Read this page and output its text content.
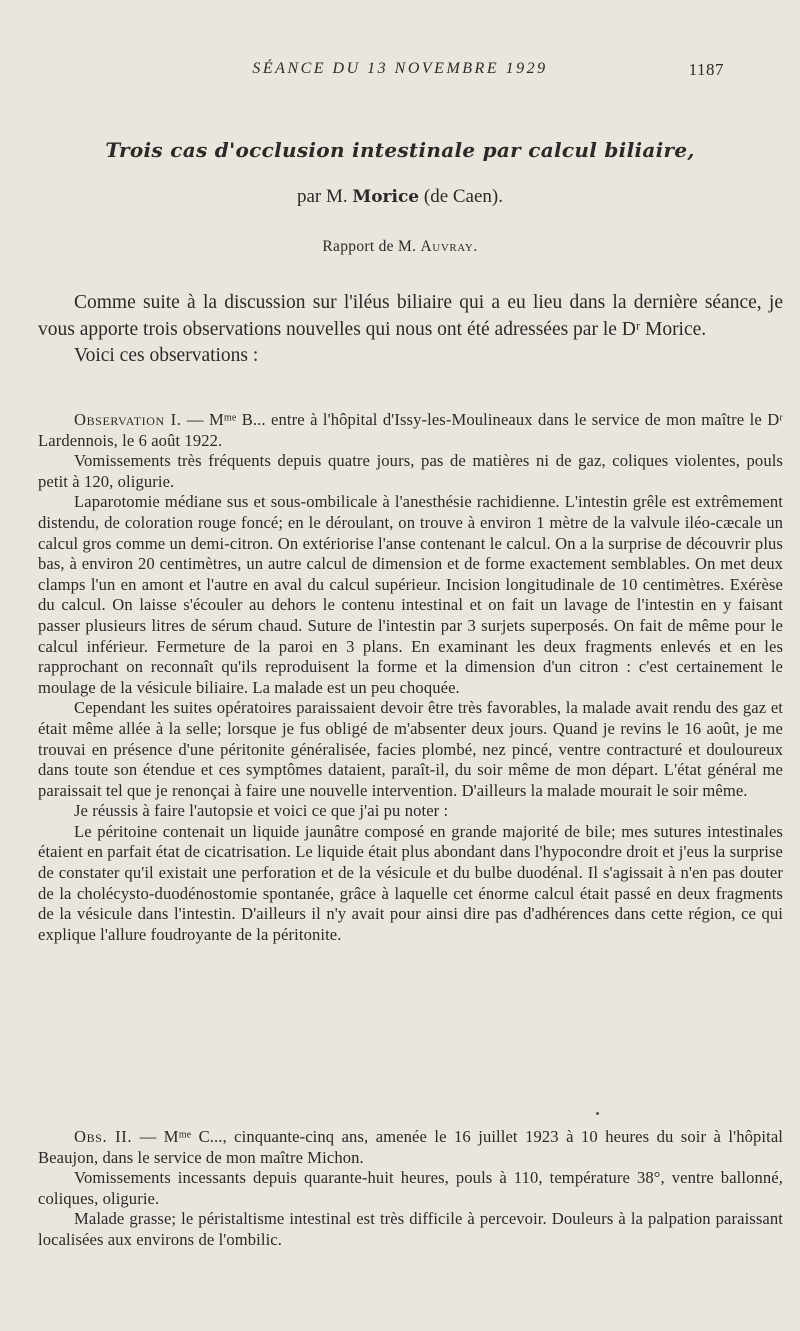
SÉANCE DU 13 NOVEMBRE 1929	1187
Trois cas d'occlusion intestinale par calcul biliaire,
par M. Morice (de Caen).
Rapport de M. Auvray.

Comme suite à la discussion sur l'iléus biliaire qui a eu lieu dans la dernière séance, je vous apporte trois observations nouvelles qui nous ont été adressées par le Dʳ Morice.

Voici ces observations :

Observation I. — Mᵐᵉ B... entre à l'hôpital d'Issy-les-Moulineaux dans le service de mon maître le Dʳ Lardennois, le 6 août 1922.

Vomissements très fréquents depuis quatre jours, pas de matières ni de gaz, coliques violentes, pouls petit à 120, oligurie.

Laparotomie médiane sus et sous-ombilicale à l'anesthésie rachidienne. L'intestin grêle est extrêmement distendu, de coloration rouge foncé; en le déroulant, on trouve à environ 1 mètre de la valvule iléo-cæcale un calcul gros comme un demi-citron. On extériorise l'anse contenant le calcul. On a la surprise de découvrir plus bas, à environ 20 centimètres, un autre calcul de dimension et de forme exactement semblables. On met deux clamps l'un en amont et l'autre en aval du calcul supérieur. Incision longitudinale de 10 centimètres. Exérèse du calcul. On laisse s'écouler au dehors le contenu intestinal et on fait un lavage de l'intestin en y faisant passer plusieurs litres de sérum chaud. Suture de l'intestin par 3 surjets superposés. On fait de même pour le calcul inférieur. Fermeture de la paroi en 3 plans. En examinant les deux fragments enlevés et en les rapprochant on reconnaît qu'ils reproduisent la forme et la dimension d'un citron : c'est certainement le moulage de la vésicule biliaire. La malade est un peu choquée.

Cependant les suites opératoires paraissaient devoir être très favorables, la malade avait rendu des gaz et était même allée à la selle; lorsque je fus obligé de m'absenter deux jours. Quand je revins le 16 août, je me trouvai en présence d'une péritonite généralisée, facies plombé, nez pincé, ventre contracturé et douloureux dans toute son étendue et ces symptômes dataient, paraît-il, du soir même de mon départ. L'état général me paraissait tel que je renonçai à faire une nouvelle intervention. D'ailleurs la malade mourait le soir même.

Je réussis à faire l'autopsie et voici ce que j'ai pu noter :

Le péritoine contenait un liquide jaunâtre composé en grande majorité de bile; mes sutures intestinales étaient en parfait état de cicatrisation. Le liquide était plus abondant dans l'hypocondre droit et j'eus la surprise de constater qu'il existait une perforation et de la vésicule et du bulbe duodénal. Il s'agissait à n'en pas douter de la cholécysto-duodénostomie spontanée, grâce à laquelle cet énorme calcul était passé en deux fragments de la vésicule dans l'intestin. D'ailleurs il n'y avait pour ainsi dire pas d'adhérences dans cette région, ce qui explique l'allure foudroyante de la péritonite.

Obs. II. — Mᵐᵉ C..., cinquante-cinq ans, amenée le 16 juillet 1923 à 10 heures du soir à l'hôpital Beaujon, dans le service de mon maître Michon.

Vomissements incessants depuis quarante-huit heures, pouls à 110, température 38°, ventre ballonné, coliques, oligurie.

Malade grasse; le péristaltisme intestinal est très difficile à percevoir. Douleurs à la palpation paraissant localisées aux environs de l'ombilic.
